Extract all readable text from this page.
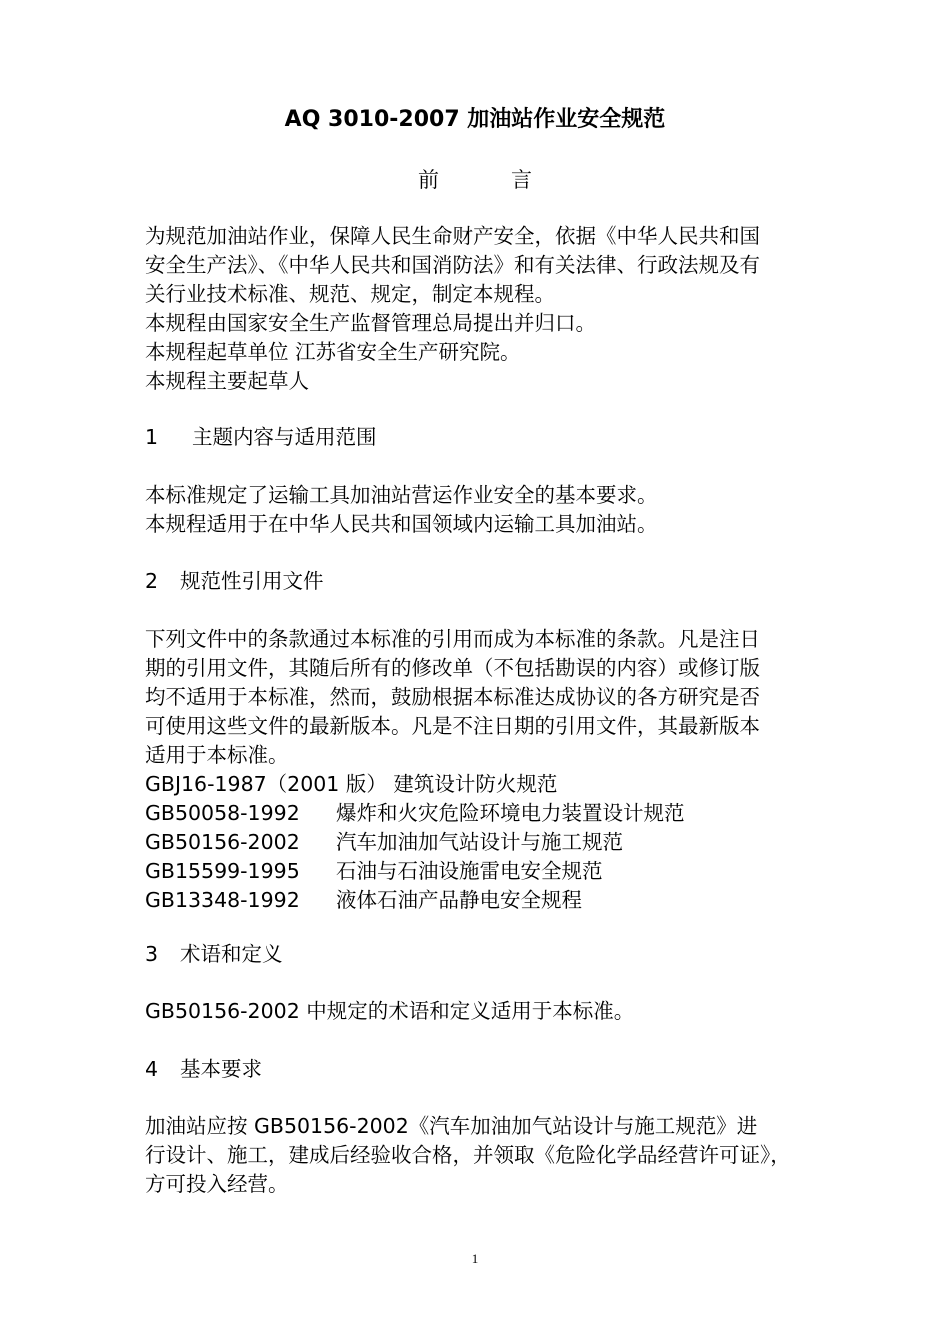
AQ 3010-2007 加油站作业安全规范
前	言
为规范加油站作业，保障人民生命财产安全，依据《中华人民共和国
安全生产法》、《中华人民共和国消防法》和有关法律、行政法规及有
关行业技术标准、规范、规定，制定本规程。
本规程由国家安全生产监督管理总局提出并归口。
本规程起草单位 江苏省安全生产研究院。
本规程主要起草人
1 主题内容与适用范围
本标准规定了运输工具加油站营运作业安全的基本要求。
本规程适用于在中华人民共和国领域内运输工具加油站。
2 规范性引用文件
下列文件中的条款通过本标准的引用而成为本标准的条款。凡是注日
期的引用文件，其随后所有的修改单（不包括勘误的内容）或修订版
均不适用于本标准，然而，鼓励根据本标准达成协议的各方研究是否
可使用这些文件的最新版本。凡是不注日期的引用文件，其最新版本
适用于本标准。
GBJ16-1987（2001 版） 建筑设计防火规范
GB50058-1992 爆炸和火灾危险环境电力装置设计规范
GB50156-2002 汽车加油加气站设计与施工规范
GB15599-1995 石油与石油设施雷电安全规范
GB13348-1992 液体石油产品静电安全规程
3 术语和定义
GB50156-2002 中规定的术语和定义适用于本标准。
4 基本要求
加油站应按 GB50156-2002《汽车加油加气站设计与施工规范》进
行设计、施工，建成后经验收合格，并领取《危险化学品经营许可证》，
方可投入经营。
1
